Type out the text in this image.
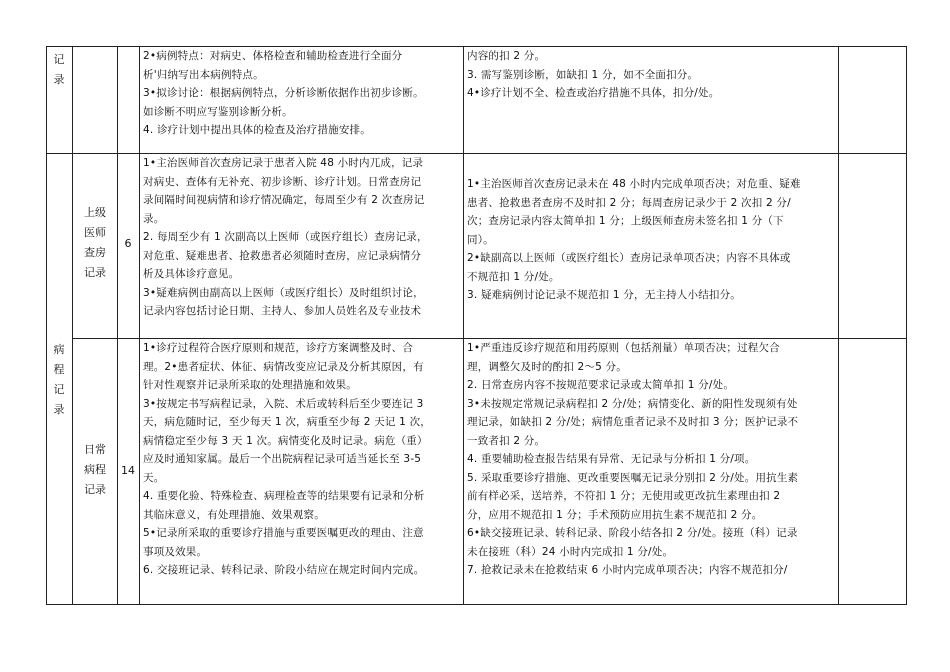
记录
病程记录
2•病例特点：对病史、体格检查和辅助检查进行全面分
析'归纳写出本病例特点。
3•拟诊讨论：根据病例特点，分析诊断依据作出初步诊断。
如诊断不明应写鉴别诊断分析。
4. 诊疗计划中提出具体的检查及治疗措施安排。
内容的扣 2 分。
3. 需写鉴别诊断，如缺扣 1 分，如不全面扣分。
4•诊疗计划不全、检查或治疗措施不具体，扣分/处。
上级
医师
查房
记录
6
1•主治医师首次查房记录于患者入院 48 小时内兀成，记录
对病史、查体有无补充、初步诊断、诊疗计划。日常查房记
录间隔时间视病情和诊疗情况确定，每周至少有 2 次查房记
录。
2. 每周至少有 1 次副高以上医师（或医疗组长）查房记录，
对危重、疑难患者、抢救患者必须随时查房，应记录病情分
析及具体诊疗意见。
3•疑难病例由副高以上医师（或医疗组长）及时组织讨论，
记录内容包括讨论日期、主持人、参加人员姓名及专业技术
1•主治医师首次查房记录未在 48 小时内完成单项否决；对危重、疑难
患者、抢救患者查房不及时扣 2 分；每周查房记录少于 2 次扣 2 分/
次；查房记录内容太简单扣 1 分；上级医师查房未签名扣 1 分（下
同）。
2•缺副高以上医师（或医疗组长）查房记录单项否决；内容不具体或
不规范扣 1 分/处。
3. 疑难病例讨论记录不规范扣 1 分，无主持人小结扣分。
日常
病程
记录
14
1•诊疗过程符合医疗原则和规范，诊疗方案调整及时、合
理。2•患者症状、体征、病情改变应记录及分析其原因，有
针对性观察并记录所采取的处理措施和效果。
3•按规定书写病程记录，入院、术后或转科后至少要连记 3
天，病危随时记，至少每天 1 次，病重至少每 2 天记 1 次，
病情稳定至少每 3 天 1 次。病情变化及时记录。病危（重）
应及时通知家属。最后一个出院病程记录可适当延长至 3-5
天。
4. 重要化验、特殊检查、病理检查等的结果要有记录和分析
其临床意义，有处理措施、效果观察。
5•记录所采取的重要诊疗措施与重要医嘱更改的理由、注意
事项及效果。
6. 交接班记录、转科记录、阶段小结应在规定时间内完成。
1•严重违反诊疗规范和用药原则（包括剂量）单项否决；过程欠合
理，调整欠及时的酌扣 2～5 分。
2. 日常查房内容不按规范要求记录或太简单扣 1 分/处。
3•未按规定常规记录病程扣 2 分/处；病情变化、新的阳性发现须有处
理记录，如缺扣 2 分/处；病情危重者记录不及时扣 3 分；医护记录不
一致者扣 2 分。
4. 重要辅助检查报告结果有异常、无记录与分析扣 1 分/项。
5. 采取重要诊疗措施、更改重要医嘱无记录分别扣 2 分/处。用抗生素
前有样必采，送培养，不符扣 1 分；无使用或更改抗生素理由扣 2
分，应用不规范扣 1 分；手术预防应用抗生素不规范扣 2 分。
6•缺交接班记录、转科记录、阶段小结各扣 2 分/处。接班（科）记录
未在接班（科）24 小时内完成扣 1 分/处。
7. 抢救记录未在抢救结束 6 小时内完成单项否决；内容不规范扣分/
